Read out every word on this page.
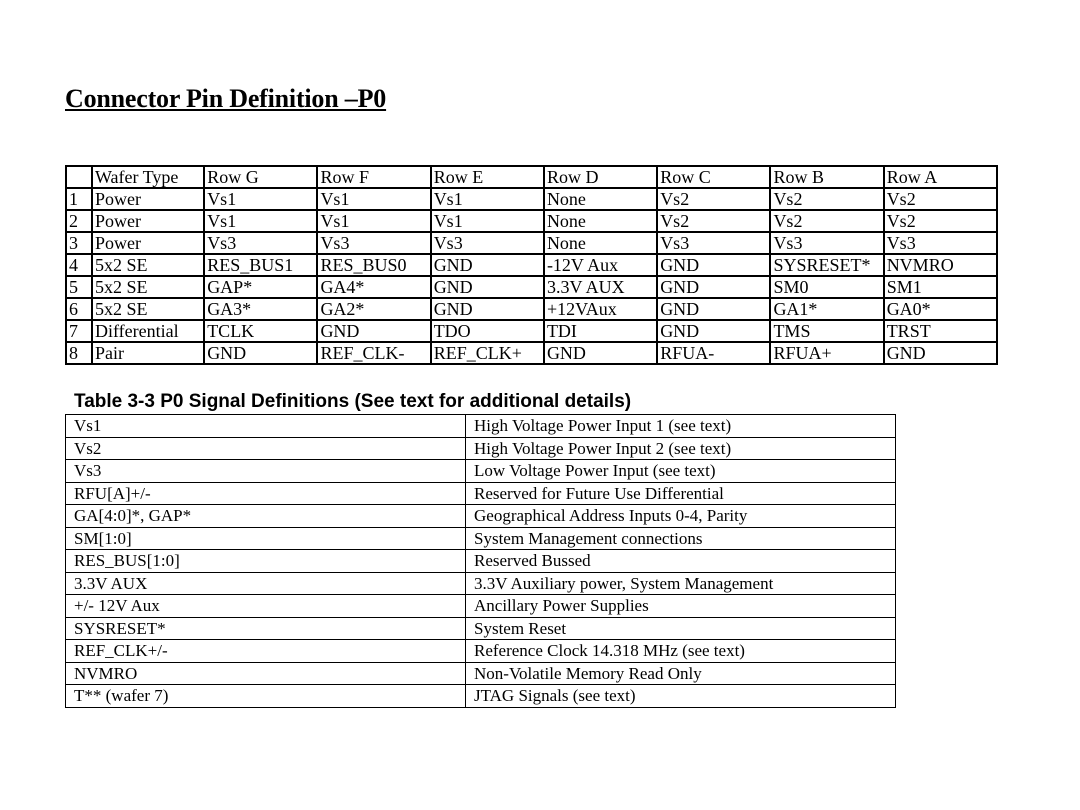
Connector Pin Definition –P0
	Wafer Type	Row G	Row F	Row E	Row D	Row C	Row B	Row A
1	Power	Vs1	Vs1	Vs1	None	Vs2	Vs2	Vs2
2	Power	Vs1	Vs1	Vs1	None	Vs2	Vs2	Vs2
3	Power	Vs3	Vs3	Vs3	None	Vs3	Vs3	Vs3
4	5x2 SE	RES_BUS1	RES_BUS0	GND	-12V Aux	GND	SYSRESET*	NVMRO
5	5x2 SE	GAP*	GA4*	GND	3.3V AUX	GND	SM0	SM1
6	5x2 SE	GA3*	GA2*	GND	+12VAux	GND	GA1*	GA0*
7	Differential	TCLK	GND	TDO	TDI	GND	TMS	TRST
8	Pair	GND	REF_CLK-	REF_CLK+	GND	RFUA-	RFUA+	GND
Table 3-3 P0 Signal Definitions (See text for additional details)
Vs1	High Voltage Power Input 1 (see text)
Vs2	High Voltage Power Input 2 (see text)
Vs3	Low Voltage Power Input (see text)
RFU[A]+/-	Reserved for Future Use Differential
GA[4:0]*, GAP*	Geographical Address Inputs 0-4, Parity
SM[1:0]	System Management connections
RES_BUS[1:0]	Reserved Bussed
3.3V AUX	3.3V Auxiliary power, System Management
+/- 12V Aux	Ancillary Power Supplies
SYSRESET*	System Reset
REF_CLK+/-	Reference Clock 14.318 MHz (see text)
NVMRO	Non-Volatile Memory Read Only
T** (wafer 7)	JTAG Signals (see text)
